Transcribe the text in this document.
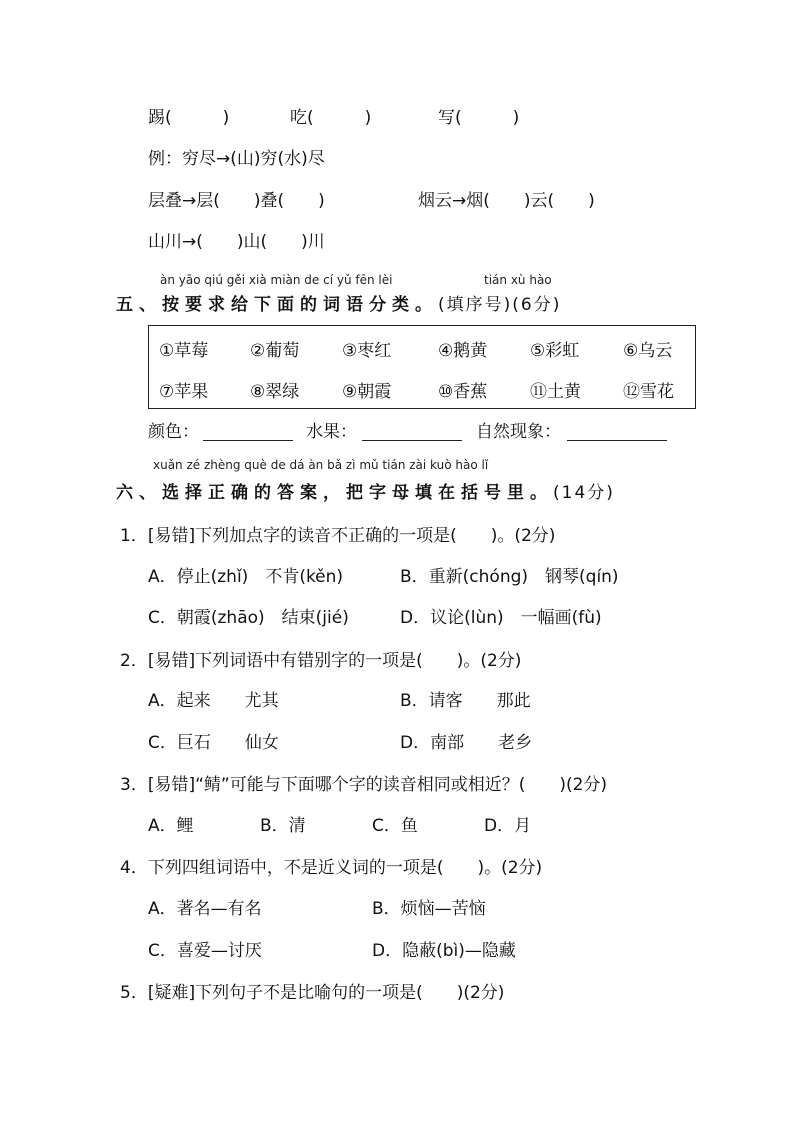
踢(　　　)	吃(　　　)	写(　　　)
例：穷尽→(山)穷(水)尽
层叠→层(　　)叠(　　)	烟云→烟(　　)云(　　)
山川→(　　)山(　　)川
àn yāo qiú gěi xià miàn de cí yǔ fēn lèi	tián xù hào
五、按要求给下面的词语分类。(填序号)(6分)
①草莓 ②葡萄	③枣红	④鹅黄	⑤彩虹	⑥乌云
⑦苹果 ⑧翠绿	⑨朝霞	⑩香蕉	⑪土黄 ⑫雪花
颜色：	水果：	自然现象：
xuǎn zé zhèng què de dá àn bǎ zì mǔ tián zài kuò hào lǐ
六、选择正确的答案，把字母填在括号里。(14分)
1．[易错]下列加点字的读音不正确的一项是(　　)。(2分)
A．停止(zhǐ)　不肯(kěn)	B．重新(chóng)　钢琴(qín)
C．朝霞(zhāo)　结束(jié)	D．议论(lùn)　一幅画(fù)
2．[易错]下列词语中有错别字的一项是(　　)。(2分)
A．起来　　尤其	B．请客　　那此
C．巨石　　仙女	D．南部　　老乡
3．[易错]“鲭”可能与下面哪个字的读音相同或相近？(　　)(2分)
A．鲤	B．清	C．鱼	D．月
4．下列四组词语中，不是近义词的一项是(　　)。(2分)
A．著名—有名	B．烦恼—苦恼
C．喜爱—讨厌	D．隐蔽(bì)—隐藏
5．[疑难]下列句子不是比喻句的一项是(　　)(2分)
